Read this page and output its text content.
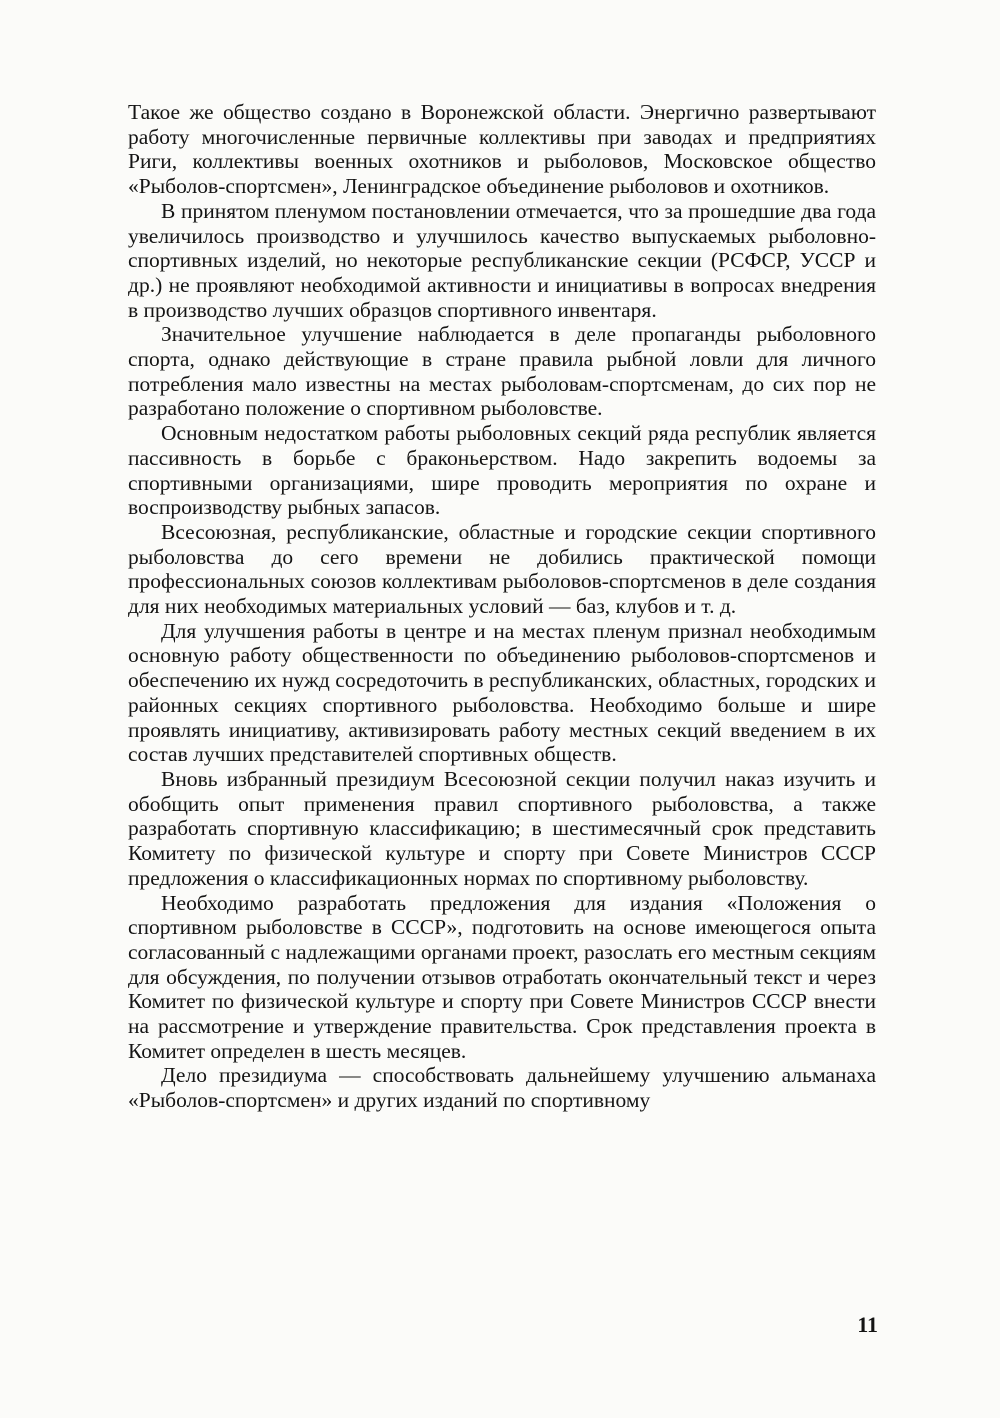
Такое же общество создано в Воронежской области. Энергично развертывают работу многочисленные первичные коллективы при заводах и предприятиях Риги, коллективы военных охотников и рыболовов, Московское общество «Рыболов-спортсмен», Ленинградское объединение рыболовов и охотников.

В принятом пленумом постановлении отмечается, что за прошедшие два года увеличилось производство и улучшилось качество выпускаемых рыболовно-спортивных изделий, но некоторые республиканские секции (РСФСР, УССР и др.) не проявляют необходимой активности и инициативы в вопросах внедрения в производство лучших образцов спортивного инвентаря.

Значительное улучшение наблюдается в деле пропаганды рыболовного спорта, однако действующие в стране правила рыбной ловли для личного потребления мало известны на местах рыболовам-спортсменам, до сих пор не разработано положение о спортивном рыболовстве.

Основным недостатком работы рыболовных секций ряда республик является пассивность в борьбе с браконьерством. Надо закрепить водоемы за спортивными организациями, шире проводить мероприятия по охране и воспроизводству рыбных запасов.

Всесоюзная, республиканские, областные и городские секции спортивного рыболовства до сего времени не добились практической помощи профессиональных союзов коллективам рыболовов-спортсменов в деле создания для них необходимых материальных условий — баз, клубов и т. д.

Для улучшения работы в центре и на местах пленум признал необходимым основную работу общественности по объединению рыболовов-спортсменов и обеспечению их нужд сосредоточить в республиканских, областных, городских и районных секциях спортивного рыболовства. Необходимо больше и шире проявлять инициативу, активизировать работу местных секций введением в их состав лучших представителей спортивных обществ.

Вновь избранный президиум Всесоюзной секции получил наказ изучить и обобщить опыт применения правил спортивного рыболовства, а также разработать спортивную классификацию; в шестимесячный срок представить Комитету по физической культуре и спорту при Совете Министров СССР предложения о классификационных нормах по спортивному рыболовству.

Необходимо разработать предложения для издания «Положения о спортивном рыболовстве в СССР», подготовить на основе имеющегося опыта согласованный с надлежащими органами проект, разослать его местным секциям для обсуждения, по получении отзывов отработать окончательный текст и через Комитет по физической культуре и спорту при Совете Министров СССР внести на рассмотрение и утверждение правительства. Срок представления проекта в Комитет определен в шесть месяцев.

Дело президиума — способствовать дальнейшему улучшению альманаха «Рыболов-спортсмен» и других изданий по спортивному

11
